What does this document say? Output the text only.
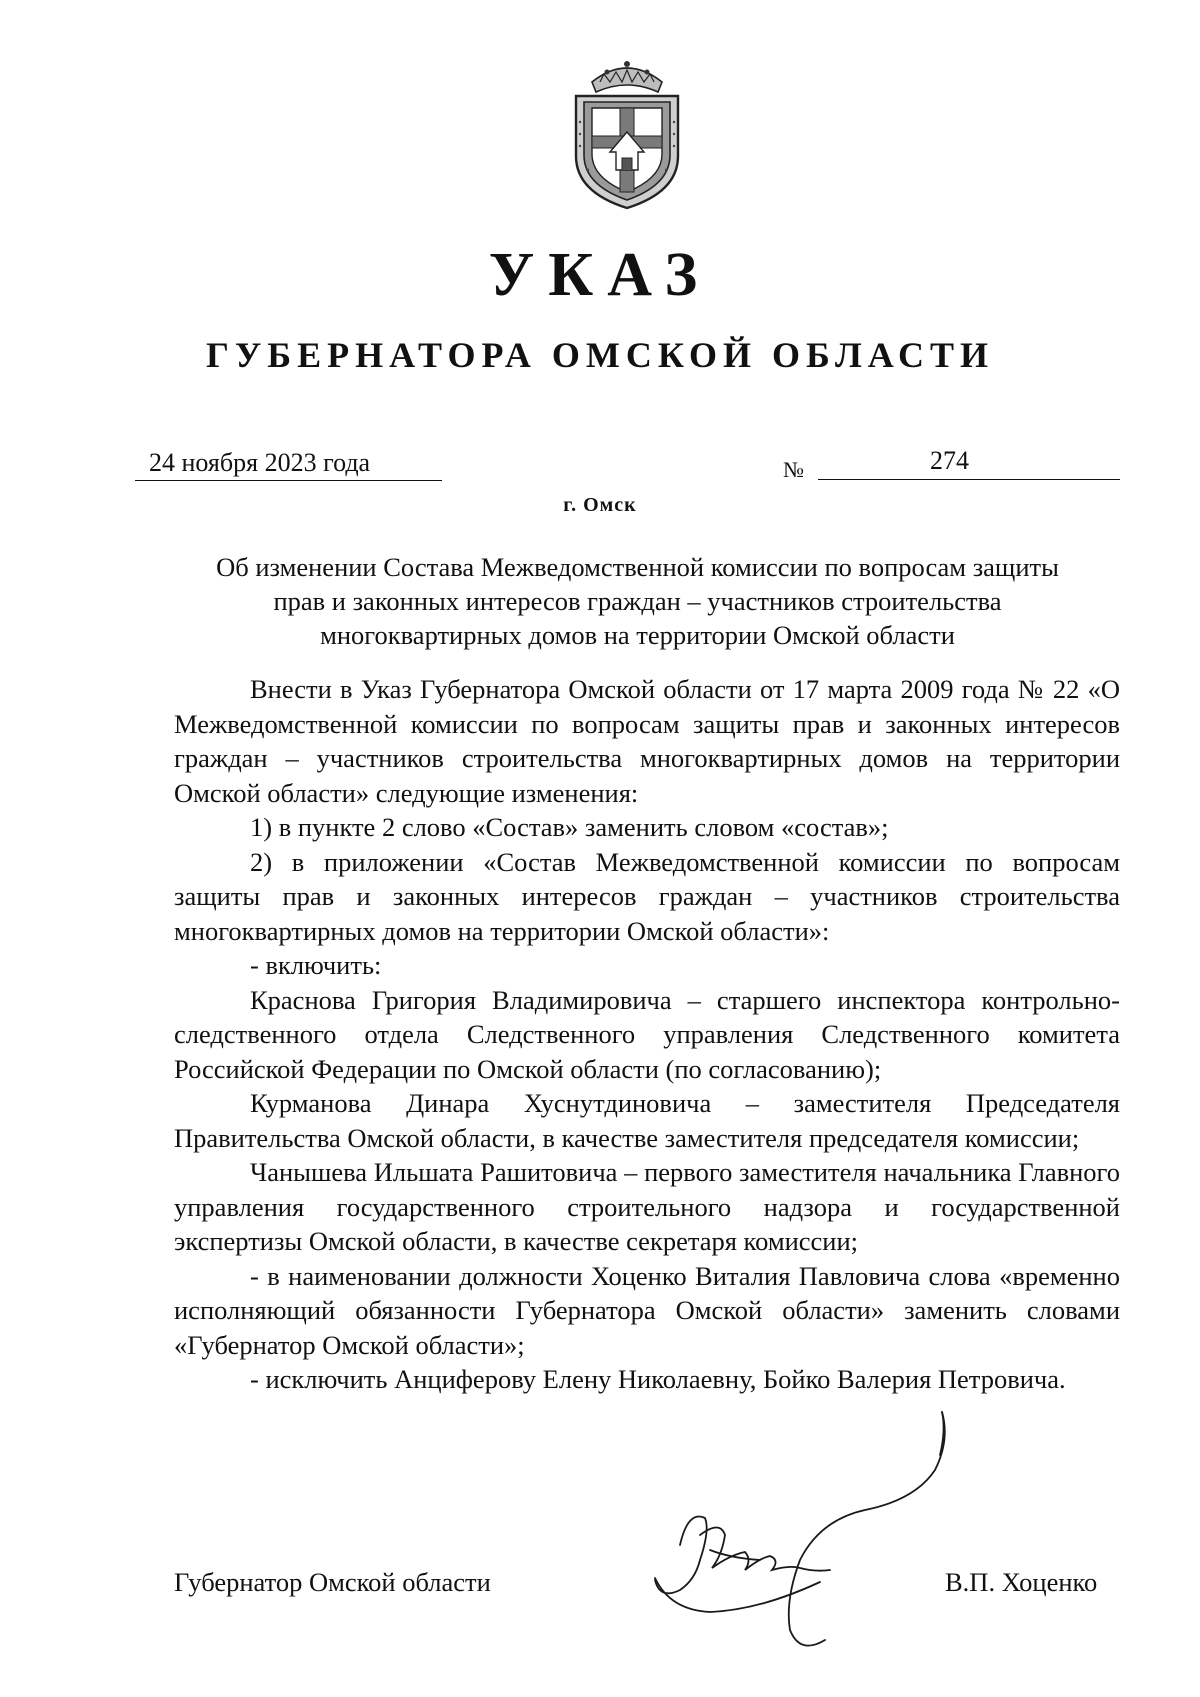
УКАЗ
ГУБЕРНАТОРА ОМСКОЙ ОБЛАСТИ
24 ноября 2023 года	№	274
г. Омск
Об изменении Состава Межведомственной комиссии по вопросам защиты
прав и законных интересов граждан – участников строительства
многоквартирных домов на территории Омской области

Внести в Указ Губернатора Омской области от 17 марта 2009 года № 22 «О Межведомственной комиссии по вопросам защиты прав и законных интересов граждан – участников строительства многоквартирных домов на территории Омской области» следующие изменения:

1) в пункте 2 слово «Состав» заменить словом «состав»;

2) в приложении «Состав Межведомственной комиссии по вопросам защиты прав и законных интересов граждан – участников строительства многоквартирных домов на территории Омской области»:

- включить:

Краснова Григория Владимировича – старшего инспектора контрольно-следственного отдела Следственного управления Следственного комитета Российской Федерации по Омской области (по согласованию);

Курманова Динара Хуснутдиновича – заместителя Председателя Правительства Омской области, в качестве заместителя председателя комиссии;

Чанышева Ильшата Рашитовича – первого заместителя начальника Главного управления государственного строительного надзора и государственной экспертизы Омской области, в качестве секретаря комиссии;

- в наименовании должности Хоценко Виталия Павловича слова «временно исполняющий обязанности Губернатора Омской области» заменить словами «Губернатор Омской области»;

- исключить Анциферову Елену Николаевну, Бойко Валерия Петровича.

Губернатор Омской области	В.П. Хоценко
